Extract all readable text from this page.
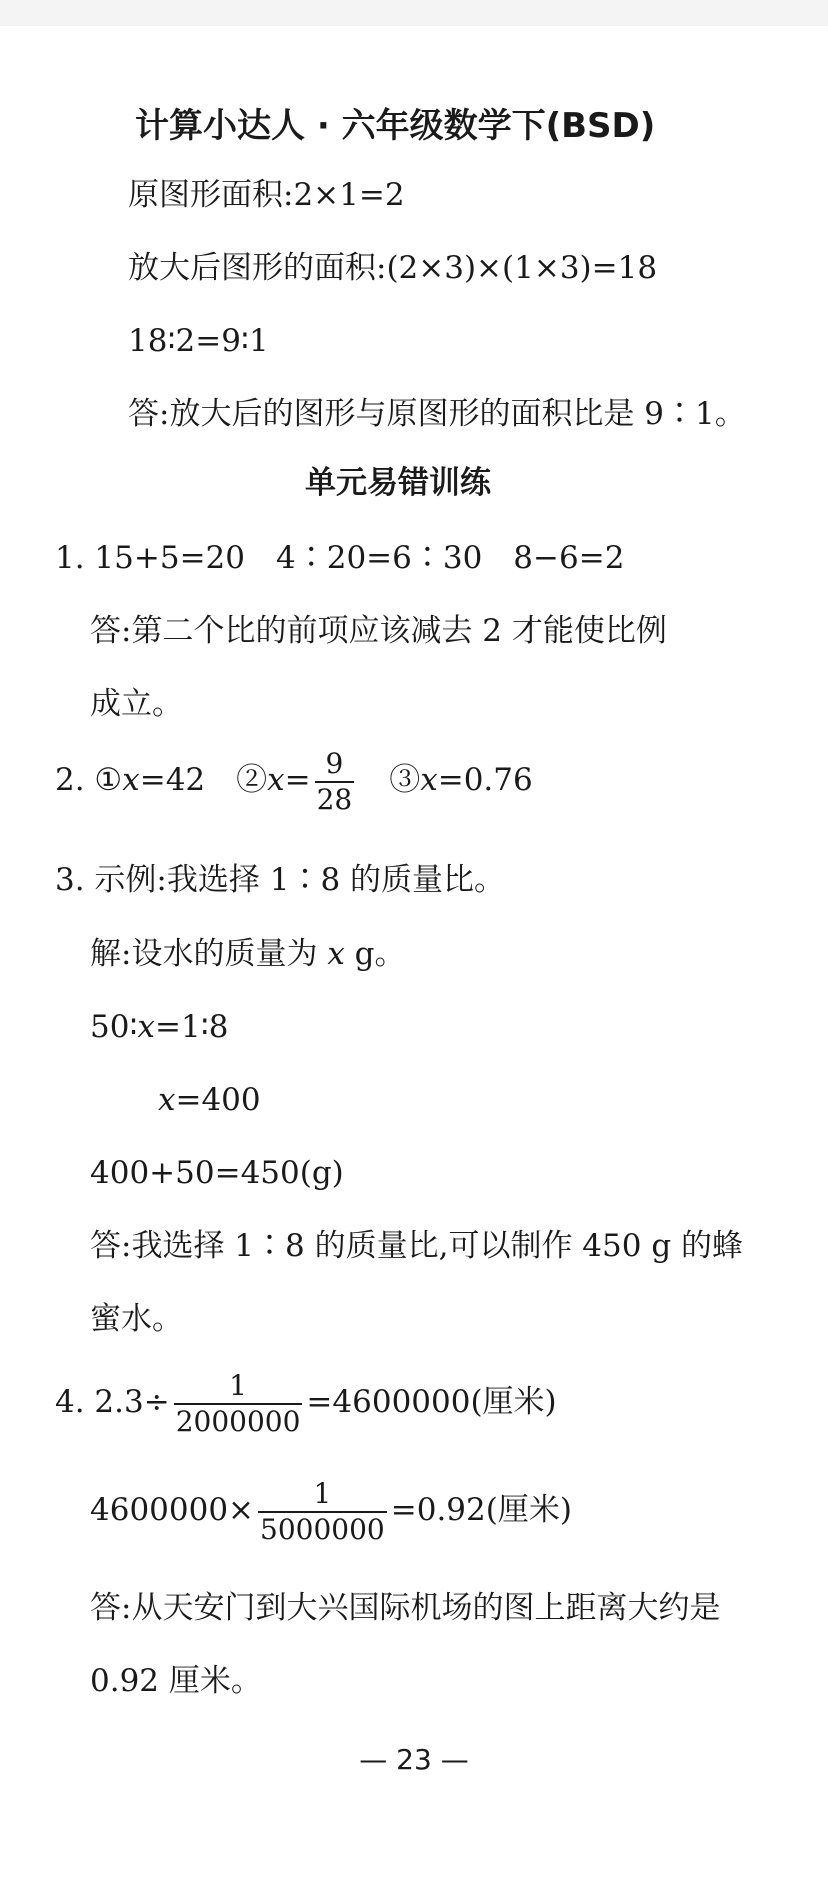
计算小达人 · 六年级数学下(BSD)
原图形面积:2×1=2
放大后图形的面积:(2×3)×(1×3)=18
18∶2=9∶1
答:放大后的图形与原图形的面积比是 9∶1。
单元易错训练
1. 15+5=20　4∶20=6∶30　8−6=2
答:第二个比的前项应该减去 2 才能使比例
成立。
2. ①x=42　②x= $\frac{9}{28}$ 　③x=0.76
3. 示例:我选择 1∶8 的质量比。
解:设水的质量为 x g。
50∶x=1∶8
x=400
400+50=450(g)
答:我选择 1∶8 的质量比,可以制作 450 g 的蜂
蜜水。
4. $2.3\div \frac{1}{2000000} =4600000$(厘米)
$4600000\times \frac{1}{5000000} =0.92$(厘米)
答:从天安门到大兴国际机场的图上距离大约是
0.92 厘米。
— 23 —
